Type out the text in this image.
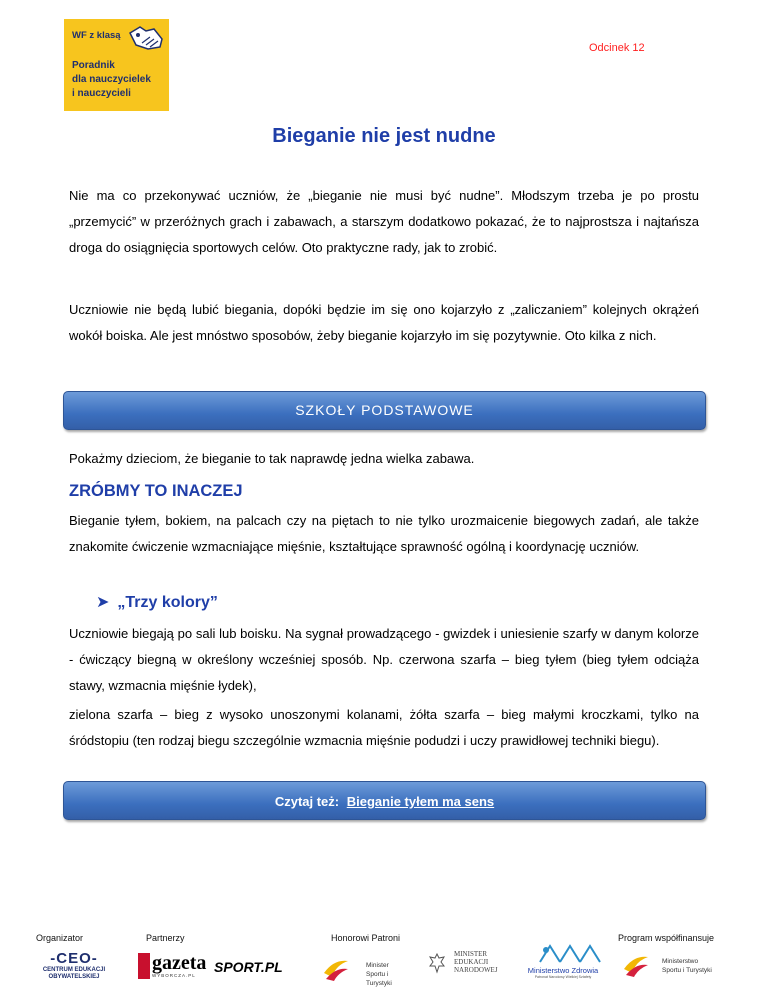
WF z klasą
Poradnik
dla nauczycielek
i nauczycieli
Odcinek 12
Bieganie nie jest nudne
Nie ma co przekonywać uczniów, że „bieganie nie musi być nudne”. Młodszym trzeba je po prostu „przemycić” w przeróżnych grach i zabawach, a starszym dodatkowo pokazać, że to najprostsza i najtańsza droga do osiągnięcia sportowych celów. Oto praktyczne rady, jak to zrobić.
Uczniowie nie będą lubić biegania, dopóki będzie im się ono kojarzyło z „zaliczaniem” kolejnych okrążeń wokół boiska. Ale jest mnóstwo sposobów, żeby bieganie kojarzyło im się pozytywnie. Oto kilka z nich.
SZKOŁY PODSTAWOWE
Pokażmy dzieciom, że bieganie to tak naprawdę jedna wielka zabawa.
ZRÓBMY TO INACZEJ
Bieganie tyłem, bokiem, na palcach czy na piętach to nie tylko urozmaicenie biegowych zadań, ale także znakomite ćwiczenie wzmacniające mięśnie, kształtujące sprawność ogólną i koordynację uczniów.
➤ „Trzy kolory”
Uczniowie biegają po sali lub boisku. Na sygnał prowadzącego - gwizdek i uniesienie szarfy w danym kolorze - ćwiczący biegną w określony wcześniej sposób. Np. czerwona szarfa – bieg tyłem (bieg tyłem odciąża stawy, wzmacnia mięśnie łydek),
zielona szarfa – bieg z wysoko unoszonymi kolanami, żółta szarfa – bieg małymi kroczkami, tylko na śródstopiu (ten rodzaj biegu szczególnie wzmacnia mięśnie podudzi i uczy prawidłowej techniki biegu).
Czytaj też: Bieganie tyłem ma sens
Organizator	Partnerzy	Honorowi Patroni	Program współfinansuje
-CEO-
CENTRUM EDUKACJI
OBYWATELSKIEJ
gazeta
WYBORCZA.PL
SPORT.PL	Minister
Sportu i Turystyki
MINISTER
EDUKACJI
NARODOWEJ	Ministerstwo Zdrowia
Patronat Narodowy Wielkiej Sztafety
Ministerstwo
Sportu i Turystyki
